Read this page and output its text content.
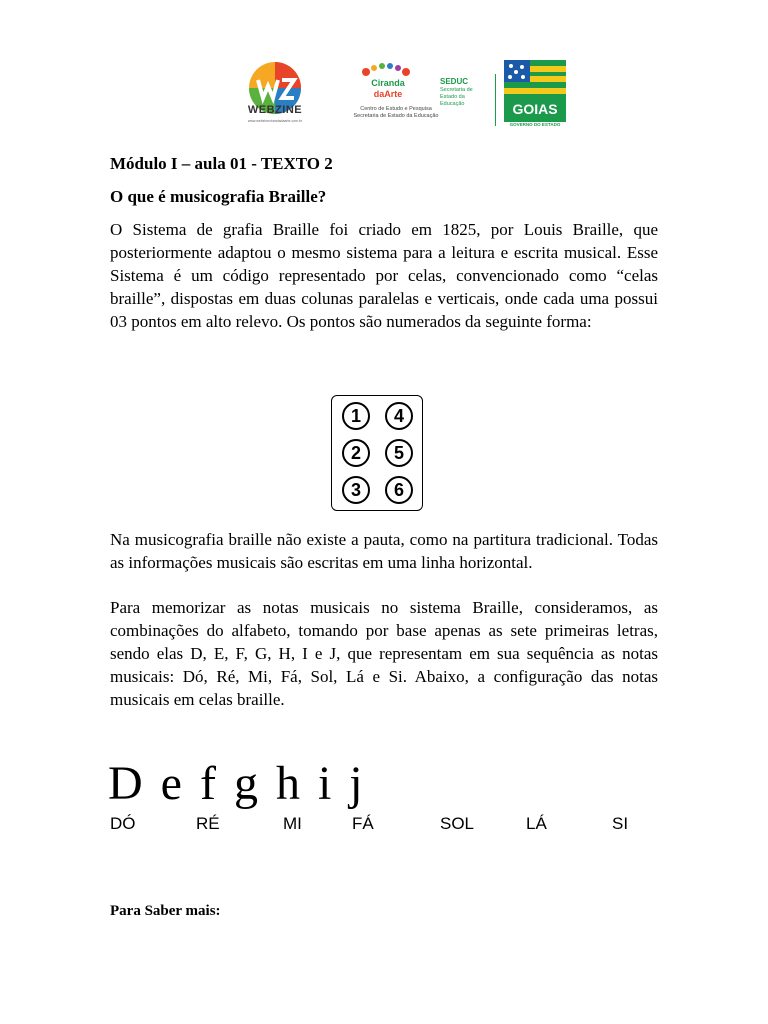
WEBZINE
www.webzinecirandadaarte.com.br
Ciranda
daArte
Centro de Estudo e Pesquisa
Secretaria de Estado da Educação
SEDUC
Secretaria de Estado da Educação	GOIAS
GOVERNO DO ESTADO
Módulo I – aula 01 - TEXTO 2
O que é musicografia Braille?
O Sistema de grafia Braille foi criado em 1825, por Louis Braille, que posteriormente adaptou o mesmo sistema para a leitura e escrita musical. Esse Sistema é um código representado por celas, convencionado como “celas braille”, dispostas em duas colunas paralelas e verticais, onde cada uma possui 03 pontos em alto relevo. Os pontos são numerados da seguinte forma:
1
2
3
4
5
6
Na musicografia braille não existe a pauta, como na partitura tradicional. Todas as informações musicais são escritas em uma linha horizontal.
Para memorizar as notas musicais no sistema Braille, consideramos, as combinações do alfabeto, tomando por base apenas as sete primeiras letras, sendo elas D, E, F, G, H, I e J, que representam em sua sequência as notas musicais: Dó, Ré, Mi, Fá, Sol, Lá e Si. Abaixo, a configuração das notas musicais em celas braille.
D e f g h i j
DÓ	RÉ	MI	FÁ	SOL	LÁ	SI
Para Saber mais:
